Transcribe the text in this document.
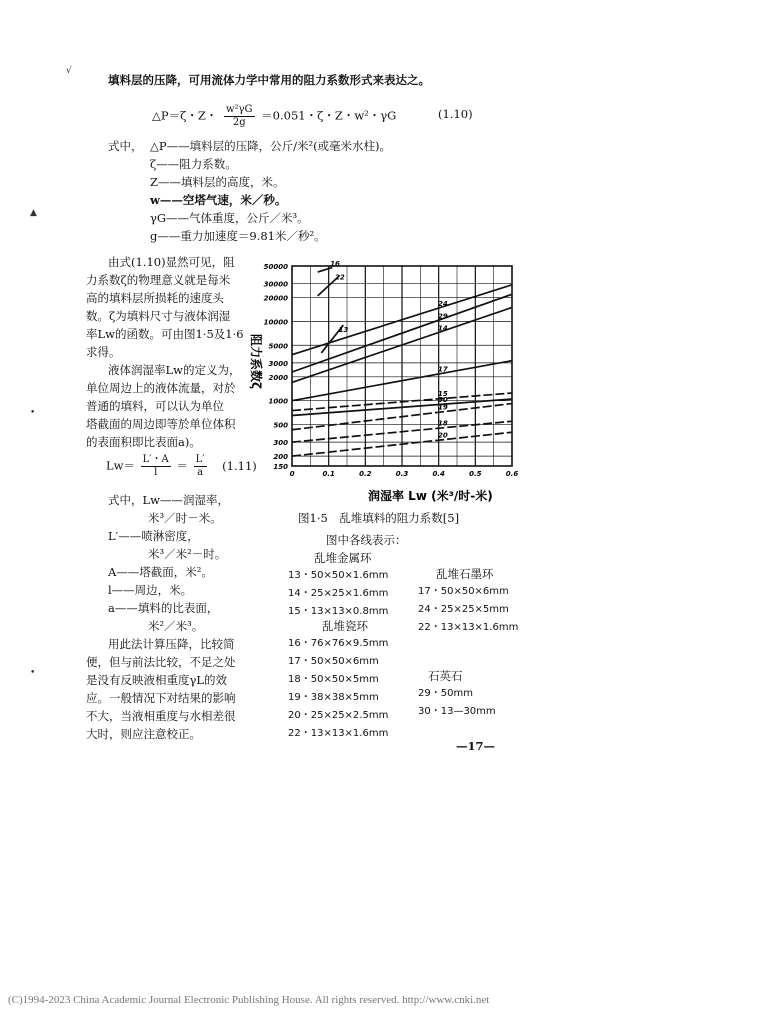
√
▲
•
•
填料层的压降，可用流体力学中常用的阻力系数形式来表达之。
△P＝ζ・Z・ $\frac{\text{w²γG}}{2g} =0.051$・ζ・Z・w²・γG	(1.10)
式中， △P——填料层的压降，公斤/米²(或毫米水柱)。
ζ——阻力系数。
Z——填料层的高度，米。
w——空塔气速，米／秒。
γG——气体重度，公斤／米³。
g——重力加速度＝9.81米／秒²。
由式(1.10)显然可见，阻
力系数ζ的物理意义就是每米
高的填料层所损耗的速度头
数。ζ为填料尺寸与液体润湿
率Lw的函数。可由图1·5及1·6
求得。
液体润湿率Lw的定义为，
单位周边上的液体流量，对於
普通的填料，可以认为单位
塔截面的周边即等於单位体积
的表面积即比表面a)。
$Lw= \frac{L'・A}{l} = \frac{L'}{a} (1.11)$
式中，Lw——润湿率，
米³／时－米。
L′——喷淋密度，
米³／米²－时。
A——塔截面，米²。
l——周边，米。
a——填料的比表面，
米²／米³。
用此法计算压降，比较简
便，但与前法比较，不足之处
是没有反映液相重度γL的效
应。一般情况下对结果的影响
不大，当液相重度与水相差很
大时，则应注意校正。
16
22
13
24
29
14
17
15
30
19
18
20
50000
30000
20000
10000
5000
3000
2000
1000
500
300
200
150
0	0.1	0.2	0.3	0.4	0.5	0.6
阻力系数ζ
润湿率 Lw (米³/时-米)
图1·5　乱堆填料的阻力系数[5]
图中各线表示：
乱堆金属环
13・50×50×1.6mm
14・25×25×1.6mm
15・13×13×0.8mm
乱堆瓷环
16・76×76×9.5mm
17・50×50×6mm
18・50×50×5mm
19・38×38×5mm
20・25×25×2.5mm
22・13×13×1.6mm
乱堆石墨环
17・50×50×6mm
24・25×25×5mm
22・13×13×1.6mm
石英石
29・50mm
30・13—30mm
—17—
(C)1994-2023 China Academic Journal Electronic Publishing House. All rights reserved. http://www.cnki.net
